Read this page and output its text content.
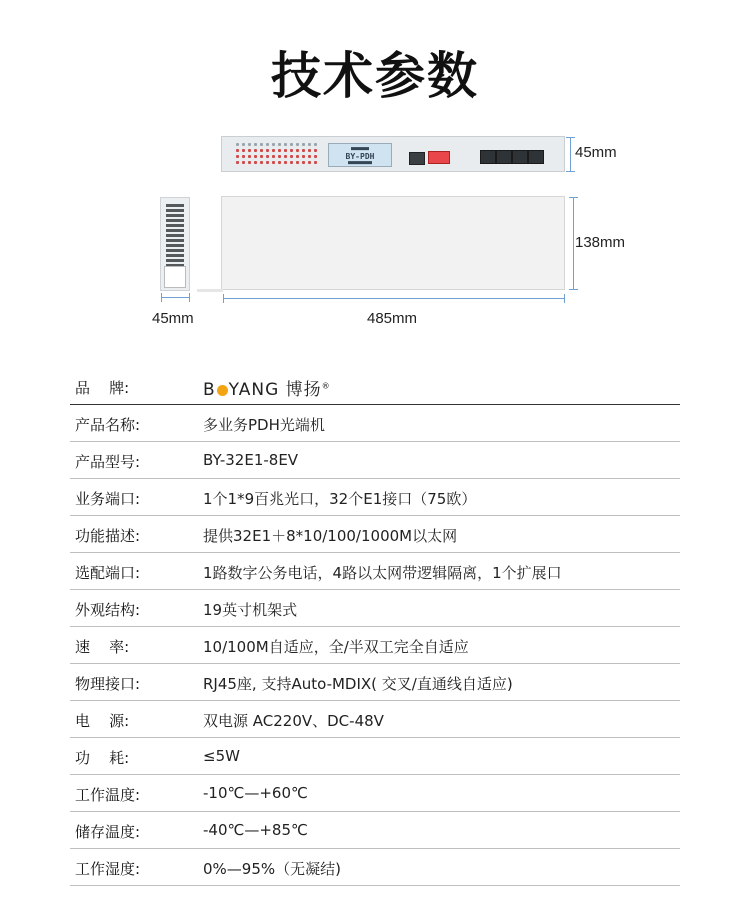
技术参数
■■■■■■
BY-PDH
■■■■■■■■
45mm
138mm
45mm	485mm
品    牌:	B YANG 博扬®
产品名称:	多业务PDH光端机
产品型号:	BY-32E1-8EV
业务端口:	1个1*9百兆光口，32个E1接口（75欧）
功能描述:	提供32E1＋8*10/100/1000M以太网
选配端口:	1路数字公务电话，4路以太网带逻辑隔离，1个扩展口
外观结构:	19英寸机架式
速    率:	10/100M自适应，全/半双工完全自适应
物理接口:	RJ45座, 支持Auto-MDIX( 交叉/直通线自适应)
电    源:	双电源 AC220V、DC-48V
功    耗:	≤5W
工作温度:	-10℃—+60℃
储存温度:	-40℃—+85℃
工作湿度:	0%—95%（无凝结)
